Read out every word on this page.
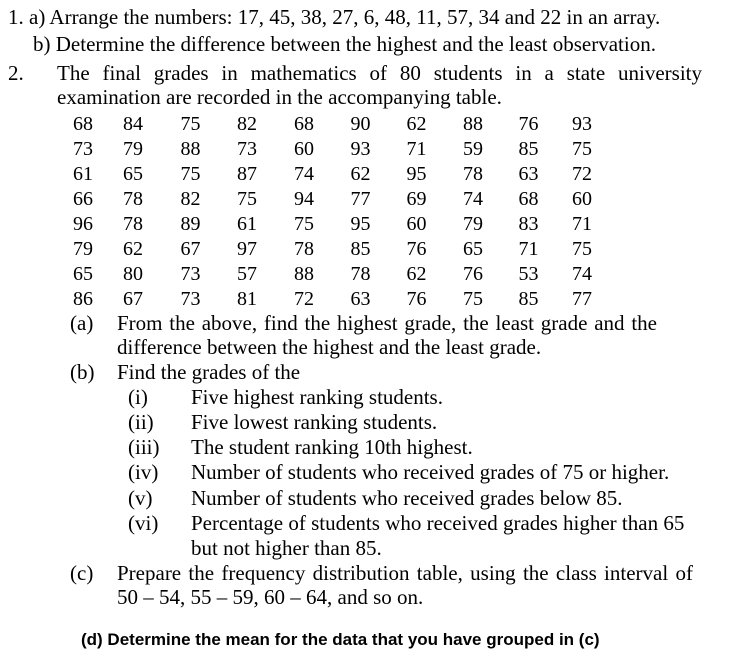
1. a) Arrange the numbers: 17, 45, 38, 27, 6, 48, 11, 57, 34 and 22 in an array.
b) Determine the difference between the highest and the least observation.
2. The final grades in mathematics of 80 students in a state university
examination are recorded in the accompanying table.
68	84	75	82	68	90	62	88	76	93
73	79	88	73	60	93	71	59	85	75
61	65	75	87	74	62	95	78	63	72
66	78	82	75	94	77	69	74	68	60
96	78	89	61	75	95	60	79	83	71
79	62	67	97	78	85	76	65	71	75
65	80	73	57	88	78	62	76	53	74
86	67	73	81	72	63	76	75	85	77
(a) From the above, find the highest grade, the least grade and the
difference between the highest and the least grade.
(b) Find the grades of the
(i) Five highest ranking students.
(ii) Five lowest ranking students.
(iii) The student ranking 10th highest.
(iv) Number of students who received grades of 75 or higher.
(v) Number of students who received grades below 85.
(vi) Percentage of students who received grades higher than 65
but not higher than 85.
(c) Prepare the frequency distribution table, using the class interval of
50 – 54, 55 – 59, 60 – 64, and so on.
(d) Determine the mean for the data that you have grouped in (c)
